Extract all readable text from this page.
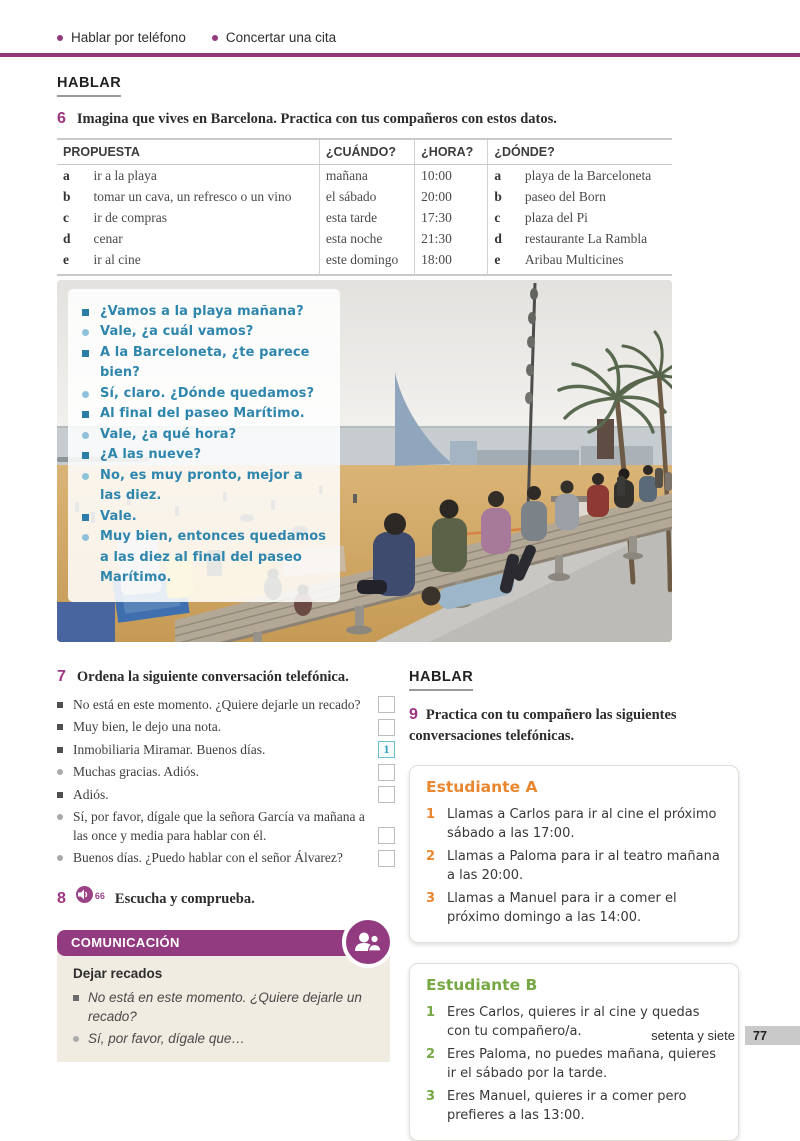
Hablar por teléfono	Concertar una cita
HABLAR
6 Imagina que vives en Barcelona. Practica con tus compañeros con estos datos.
PROPUESTA		¿CUÁNDO?	¿HORA?	¿DÓNDE?	
a	ir a la playa	mañana	10:00	a	playa de la Barceloneta
b	tomar un cava, un refresco o un vino	el sábado	20:00	b	paseo del Born
c	ir de compras	esta tarde	17:30	c	plaza del Pi
d	cenar	esta noche	21:30	d	restaurante La Rambla
e	ir al cine	este domingo	18:00	e	Aribau Multicines
¿Vamos a la playa mañana?
Vale, ¿a cuál vamos?
A la Barceloneta, ¿te parece bien?
Sí, claro. ¿Dónde quedamos?
Al final del paseo Marítimo.
Vale, ¿a qué hora?
¿A las nueve?
No, es muy pronto, mejor a las diez.
Vale.
Muy bien, entonces quedamos a las diez al final del paseo Marítimo.
7 Ordena la siguiente conversación telefónica.
No está en este momento. ¿Quiere dejarle un recado?
Muy bien, le dejo una nota.
Inmobiliaria Miramar. Buenos días.	1
Muchas gracias. Adiós.
Adiós.
Sí, por favor, dígale que la señora García va mañana a las once y media para hablar con él.
Buenos días. ¿Puedo hablar con el señor Álvarez?
8	66 Escucha y comprueba.
COMUNICACIÓN
Dejar recados
No está en este momento. ¿Quiere dejarle un recado?
Sí, por favor, dígale que…
HABLAR
9 Practica con tu compañero las siguientes conversaciones telefónicas.
Estudiante A
1 Llamas a Carlos para ir al cine el próximo sábado a las 17:00.
2 Llamas a Paloma para ir al teatro mañana a las 20:00.
3 Llamas a Manuel para ir a comer el próximo domingo a las 14:00.
Estudiante B
1 Eres Carlos, quieres ir al cine y quedas con tu compañero/a.
2 Eres Paloma, no puedes mañana, quieres ir el sábado por la tarde.
3 Eres Manuel, quieres ir a comer pero prefieres a las 13:00.
setenta y siete	77
